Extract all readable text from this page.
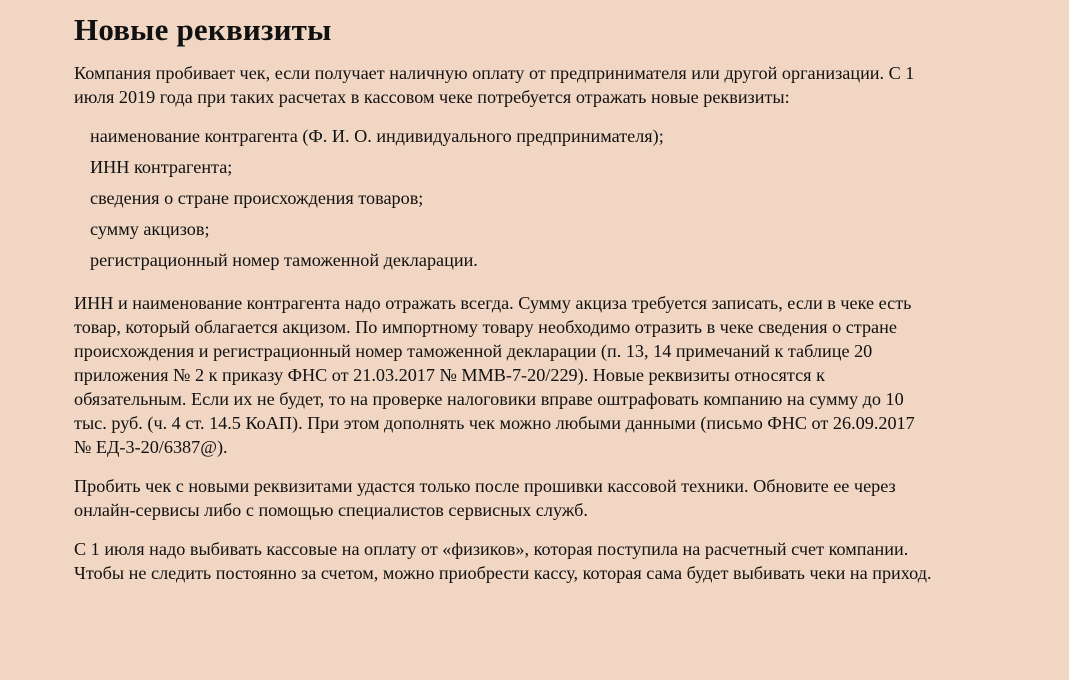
Новые реквизиты

Компания пробивает чек, если получает наличную оплату от предпринимателя или другой организации. С 1 июля 2019 года при таких расчетах в кассовом чеке потребуется отражать новые реквизиты:

наименование контрагента (Ф. И. О. индивидуального предпринимателя);
ИНН контрагента;
сведения о стране происхождения товаров;
сумму акцизов;
регистрационный номер таможенной декларации.

ИНН и наименование контрагента надо отражать всегда. Сумму акциза требуется записать, если в чеке есть товар, который облагается акцизом. По импортному товару необходимо отразить в чеке сведения о стране происхождения и регистрационный номер таможенной декларации (п. 13, 14 примечаний к таблице 20 приложения № 2 к приказу ФНС от 21.03.2017 № ММВ-7-20/229). Новые реквизиты относятся к обязательным. Если их не будет, то на проверке налоговики вправе оштрафовать компанию на сумму до 10 тыс. руб. (ч. 4 ст. 14.5 КоАП). При этом дополнять чек можно любыми данными (письмо ФНС от 26.09.2017 № ЕД-3-20/6387@).

Пробить чек с новыми реквизитами удастся только после прошивки кассовой техники. Обновите ее через онлайн-сервисы либо с помощью специалистов сервисных служб.

С 1 июля надо выбивать кассовые на оплату от «физиков», которая поступила на расчетный счет компании. Чтобы не следить постоянно за счетом, можно приобрести кассу, которая сама будет выбивать чеки на приход.
